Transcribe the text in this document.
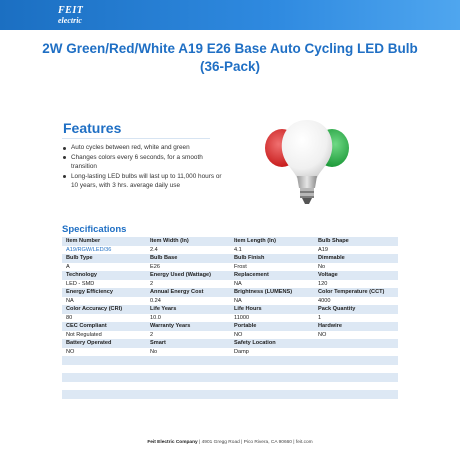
FEIT
electric
2W Green/Red/White A19 E26 Base Auto Cycling LED Bulb (36-Pack)
Features
Auto cycles between red, white and green
Changes colors every 6 seconds, for a smooth transition
Long-lasting LED bulbs will last up to 11,000 hours or 10 years, with 3 hrs. average daily use
Specifications
Item Number	Item Width (In)	Item Length (In)	Bulb Shape
A19/RGW/LED/36	2.4	4.1	A19
Bulb Type	Bulb Base	Bulb Finish	Dimmable
A	E26	Frost	No
Technology	Energy Used (Wattage)	Replacement	Voltage
LED - SMD	2	NA	120
Energy Efficiency	Annual Energy Cost	Brightness (LUMENS)	Color Temperature (CCT)
NA	0.24	NA	4000
Color Accuracy (CRI)	Life Years	Life Hours	Pack Quantity
80	10.0	11000	1
CEC Compliant	Warranty Years	Portable	Hardwire
Not Regulated	2	NO	NO
Battery Operated	Smart	Safety Location
NO	No	Damp
Feit Electric Company | 4901 Gregg Road | Pico Rivera, CA 90660 | feit.com
